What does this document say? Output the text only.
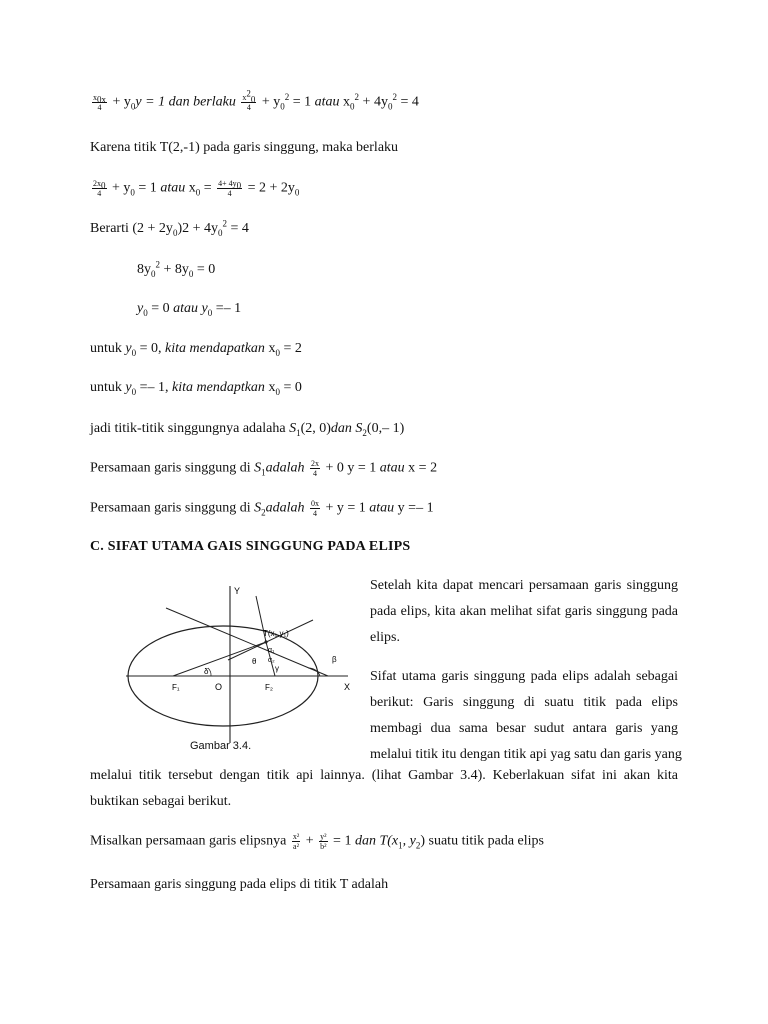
$\frac{x_{0x}}{4} + y_0y = 1$ dan berlaku $\frac{x^2_0}{4} + y_0^2 = 1$ atau $x_0^2 + 4y_0^2 = 4$
Karena titik T(2,-1) pada garis singgung, maka berlaku
$\frac{2x_0}{4} + y_0 = 1$ atau $x_0 = \frac{4+ 4y_0}{4} = 2 + 2y_0$
Berarti $(2 + 2y_0)2 + 4y_0^2 = 4$
$8y_0^2 + 8y_0 = 0$
$y_0 = 0$ atau $y_0 =- 1$
untuk $y_0 = 0$, kita mendapatkan $x_0 = 2$
untuk $y_0 =- 1$, kita mendaptkan $x_0 = 0$
jadi titik-titik singgungnya adalaha $S_1(2$, 0)dan $S_2(0,-$ 1)
Persamaan garis singgung di $S_1adalah \frac{2x}{4} + 0$ y = 1 atau x = 2
Persamaan garis singgung di $S_2adalah \frac{0x}{4} + y = 1$ atau y =– 1
C. SIFAT UTAMA GAIS SINGGUNG PADA ELIPS
Setelah kita dapat mencari persamaan garis singgung
pada elips, kita akan melihat sifat garis singgung pada
elips.
Sifat utama garis singgung pada elips adalah sebagai
berikut: Garis singgung di suatu titik pada elips
membagi dua sama besar sudut antara garis yang
melalui titik itu dengan titik api yag satu dan garis yang
melalui titik tersebut dengan titik api lainnya. (lihat Gambar 3.4). Keberlakuan sifat ini akan kita
buktikan sebagai berikut.
Y
X
O
F₁	F₂
T(x₁,y₁)
α₁
α₂
θ
γ
δ
β
Gambar 3.4.
Misalkan persamaan garis elipsnya $\frac{\text{x²}}{\text{a²}} + \frac{\text{y²}}{\text{b²}} = 1$ dan $T(x_1$, $y_2$) suatu titik pada elips
Persamaan garis singgung pada elips di titik T adalah
